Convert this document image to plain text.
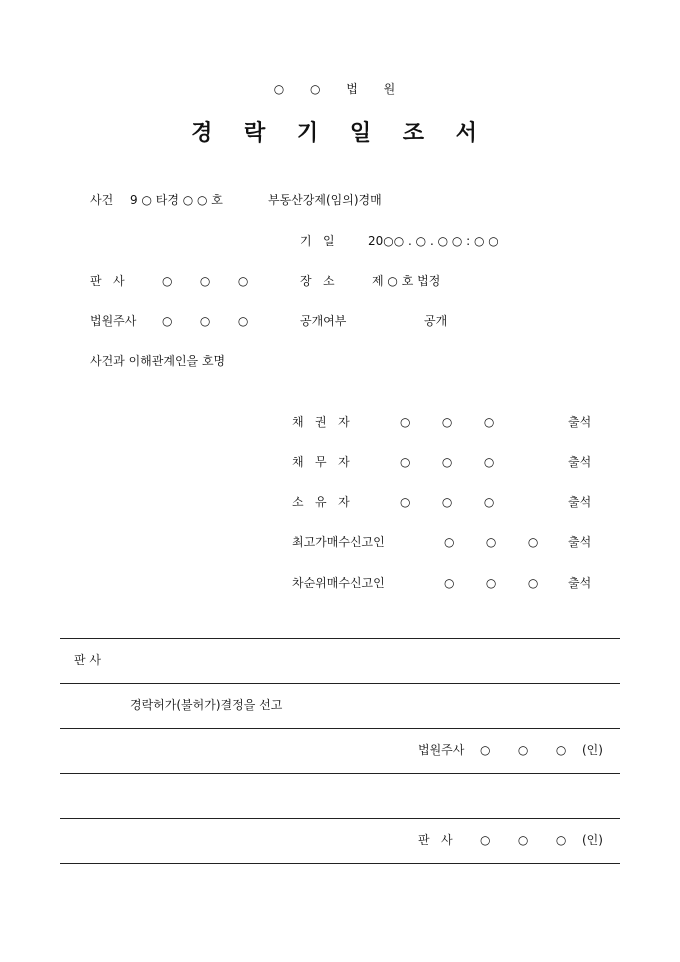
○ ○ 법 원
경 락 기 일 조 서
사건 9 ○ 타경 ○ ○ 호	부동산강제(임의)경매
기   일	20○○ . ○ . ○ ○ : ○ ○
판   사	○   ○   ○	장   소	제 ○ 호 법정
법원주사 ○   ○   ○	공개여부	공개
사건과 이해관계인을 호명
채   권   자	○   ○   ○	출석
채   무   자	○   ○   ○	출석
소   유   자	○   ○   ○	출석
최고가매수신고인	○   ○   ○ 출석
차순위매수신고인	○   ○   ○ 출석
판 사
경락허가(불허가)결정을 선고
법원주사 ○   ○   ○ (인)
판   사 ○   ○   ○ (인)
